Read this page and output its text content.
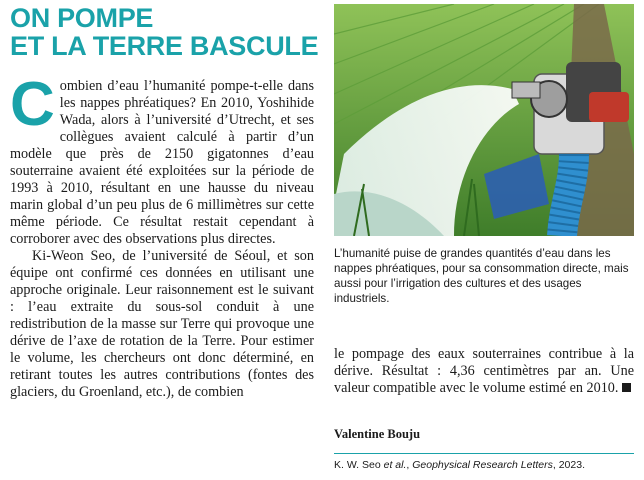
ON POMPE
ET LA TERRE BASCULE

Combien d’eau l’humanité pompe-t-elle dans les nappes phréatiques? En 2010, Yoshihide Wada, alors à l’université d’Utrecht, et ses collègues avaient calculé à partir d’un modèle que près de 2150 gigatonnes d’eau souterraine avaient été exploitées sur la période de 1993 à 2010, résultant en une hausse du niveau marin global d’un peu plus de 6 millimètres sur cette même période. Ce résultat restait cependant à corroborer avec des observations plus directes.

Ki-Weon Seo, de l’université de Séoul, et son équipe ont confirmé ces données en utilisant une approche originale. Leur raisonnement est le suivant : l’eau extraite du sous-sol conduit à une redistribution de la masse sur Terre qui provoque une dérive de l’axe de rotation de la Terre. Pour estimer le volume, les chercheurs ont donc déterminé, en retirant toutes les autres contributions (fontes des glaciers, du Groenland, etc.), de combien

L’humanité puise de grandes quantités d’eau dans les nappes phréatiques, pour sa consommation directe, mais aussi pour l’irrigation des cultures et des usages industriels.

le pompage des eaux souterraines contribue à la dérive. Résultat : 4,36 centimètres par an. Une valeur compatible avec le volume estimé en 2010.

Valentine Bouju
K. W. Seo et al., Geophysical Research Letters, 2023.
